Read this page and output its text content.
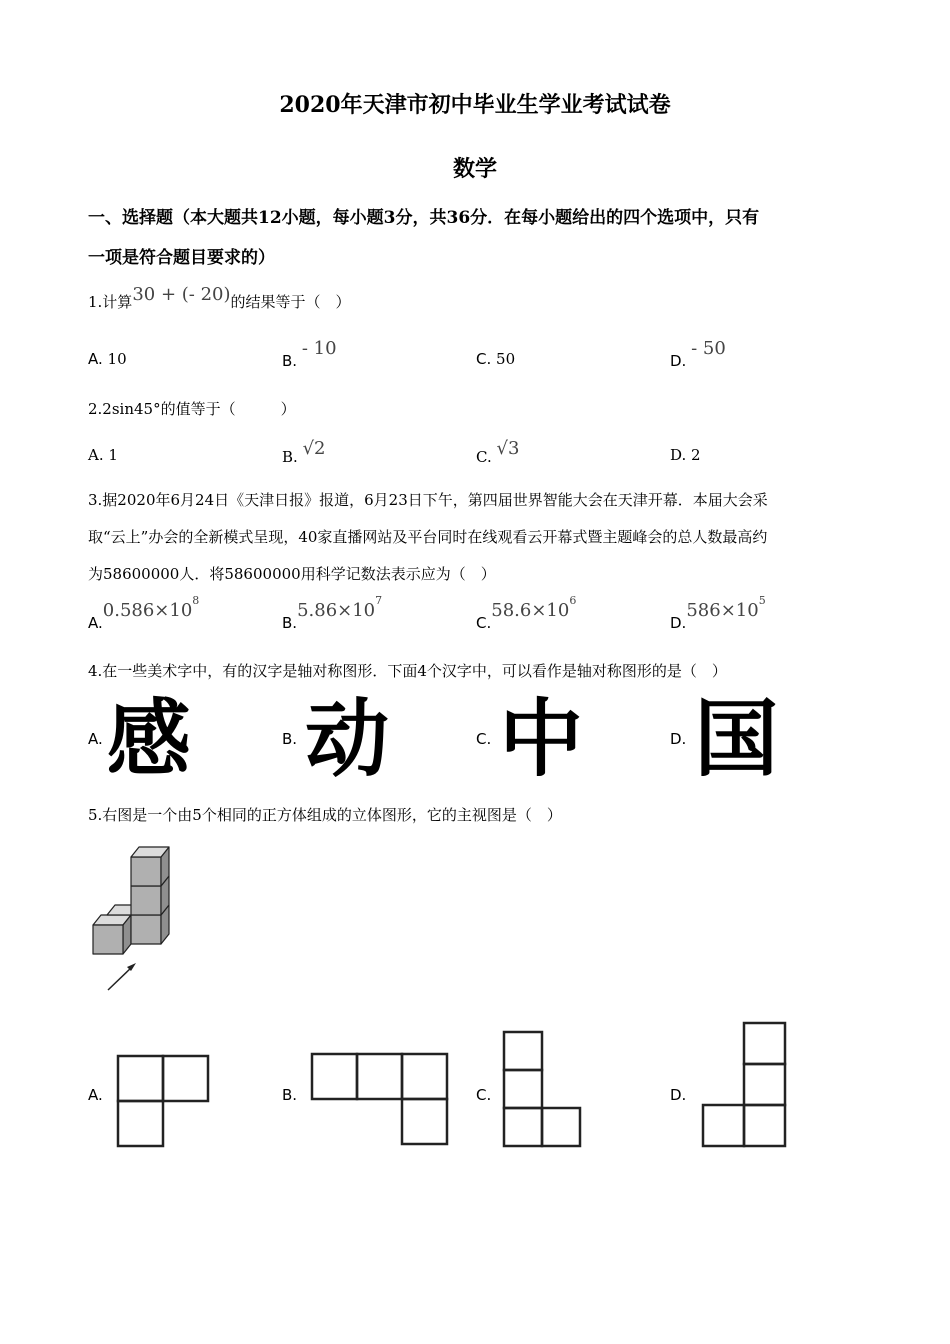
2020年天津市初中毕业生学业考试试卷
数学
一、选择题（本大题共12小题，每小题3分，共36分．在每小题给出的四个选项中，只有
一项是符合题目要求的）
1.计算30 + (- 20)的结果等于（　）
A. 10	B. - 10	C. 50	D. - 50
2.2sin45°的值等于（　　　）
A. 1	B. √2	C. √3	D. 2
3.据2020年6月24日《天津日报》报道，6月23日下午，第四届世界智能大会在天津开幕．本届大会采
取“云上”办会的全新模式呈现，40家直播网站及平台同时在线观看云开幕式暨主题峰会的总人数最高约
为58600000人．将58600000用科学记数法表示应为（　）
$A.0.586\times 10^8$
$B.5.86\times 10^7$
$C.58.6\times 10^6$
$D.586\times 10^5$
4.在一些美术字中，有的汉字是轴对称图形．下面4个汉字中，可以看作是轴对称图形的是（　）
A. 感	B. 动	C. 中	D. 国
5.右图是一个由5个相同的正方体组成的立体图形，它的主视图是（　）
A.	B.	C.	D.
